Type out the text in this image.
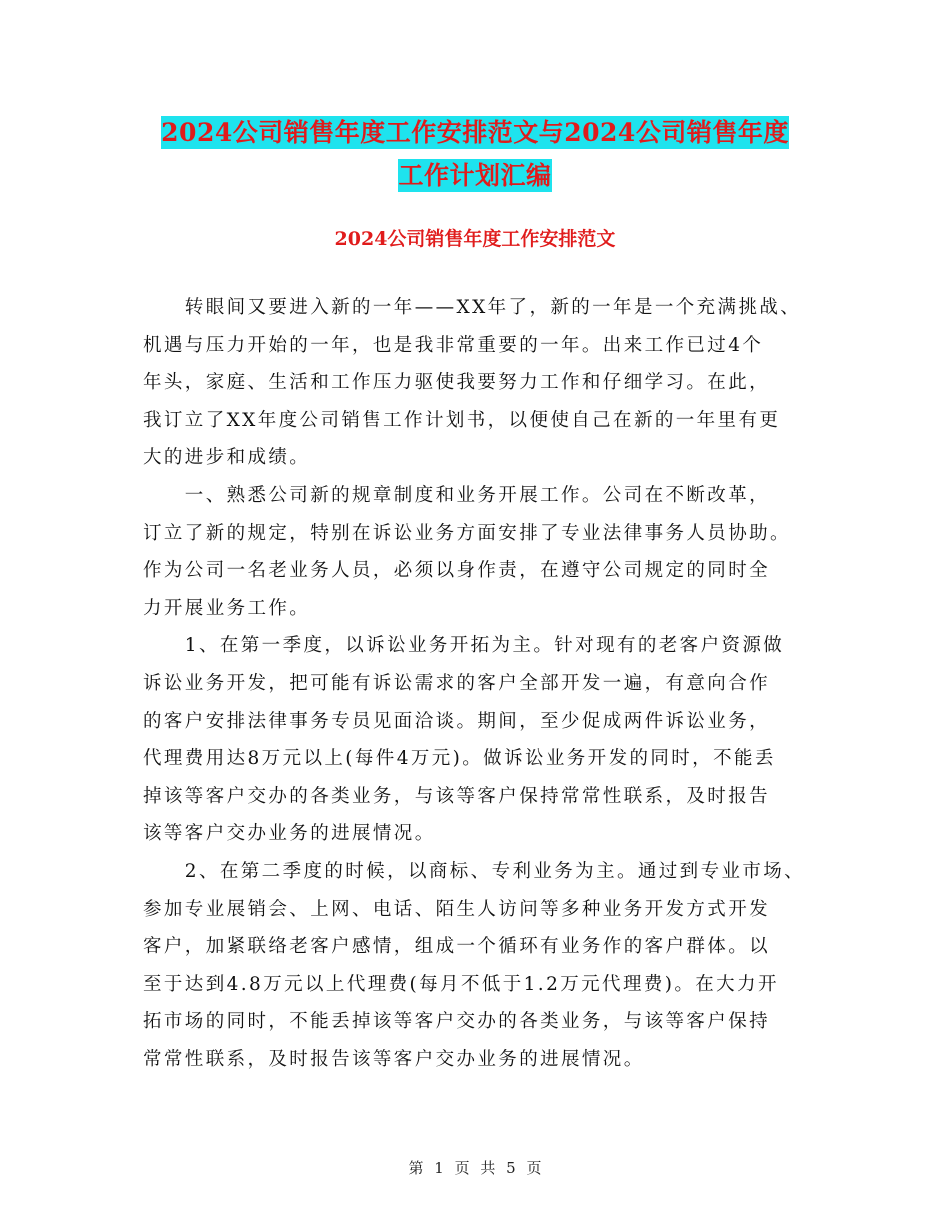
2024公司销售年度工作安排范文与2024公司销售年度
工作计划汇编
2024公司销售年度工作安排范文
　　转眼间又要进入新的一年——XX年了，新的一年是一个充满挑战、
机遇与压力开始的一年，也是我非常重要的一年。出来工作已过4个
年头，家庭、生活和工作压力驱使我要努力工作和仔细学习。在此，
我订立了XX年度公司销售工作计划书，以便使自己在新的一年里有更
大的进步和成绩。
　　一、熟悉公司新的规章制度和业务开展工作。公司在不断改革，
订立了新的规定，特别在诉讼业务方面安排了专业法律事务人员协助。
作为公司一名老业务人员，必须以身作责，在遵守公司规定的同时全
力开展业务工作。
　　1、在第一季度，以诉讼业务开拓为主。针对现有的老客户资源做
诉讼业务开发，把可能有诉讼需求的客户全部开发一遍，有意向合作
的客户安排法律事务专员见面洽谈。期间，至少促成两件诉讼业务，
代理费用达8万元以上(每件4万元)。做诉讼业务开发的同时，不能丢
掉该等客户交办的各类业务，与该等客户保持常常性联系，及时报告
该等客户交办业务的进展情况。
　　2、在第二季度的时候，以商标、专利业务为主。通过到专业市场、
参加专业展销会、上网、电话、陌生人访问等多种业务开发方式开发
客户，加紧联络老客户感情，组成一个循环有业务作的客户群体。以
至于达到4.8万元以上代理费(每月不低于1.2万元代理费)。在大力开
拓市场的同时，不能丢掉该等客户交办的各类业务，与该等客户保持
常常性联系，及时报告该等客户交办业务的进展情况。
第 1 页 共 5 页
